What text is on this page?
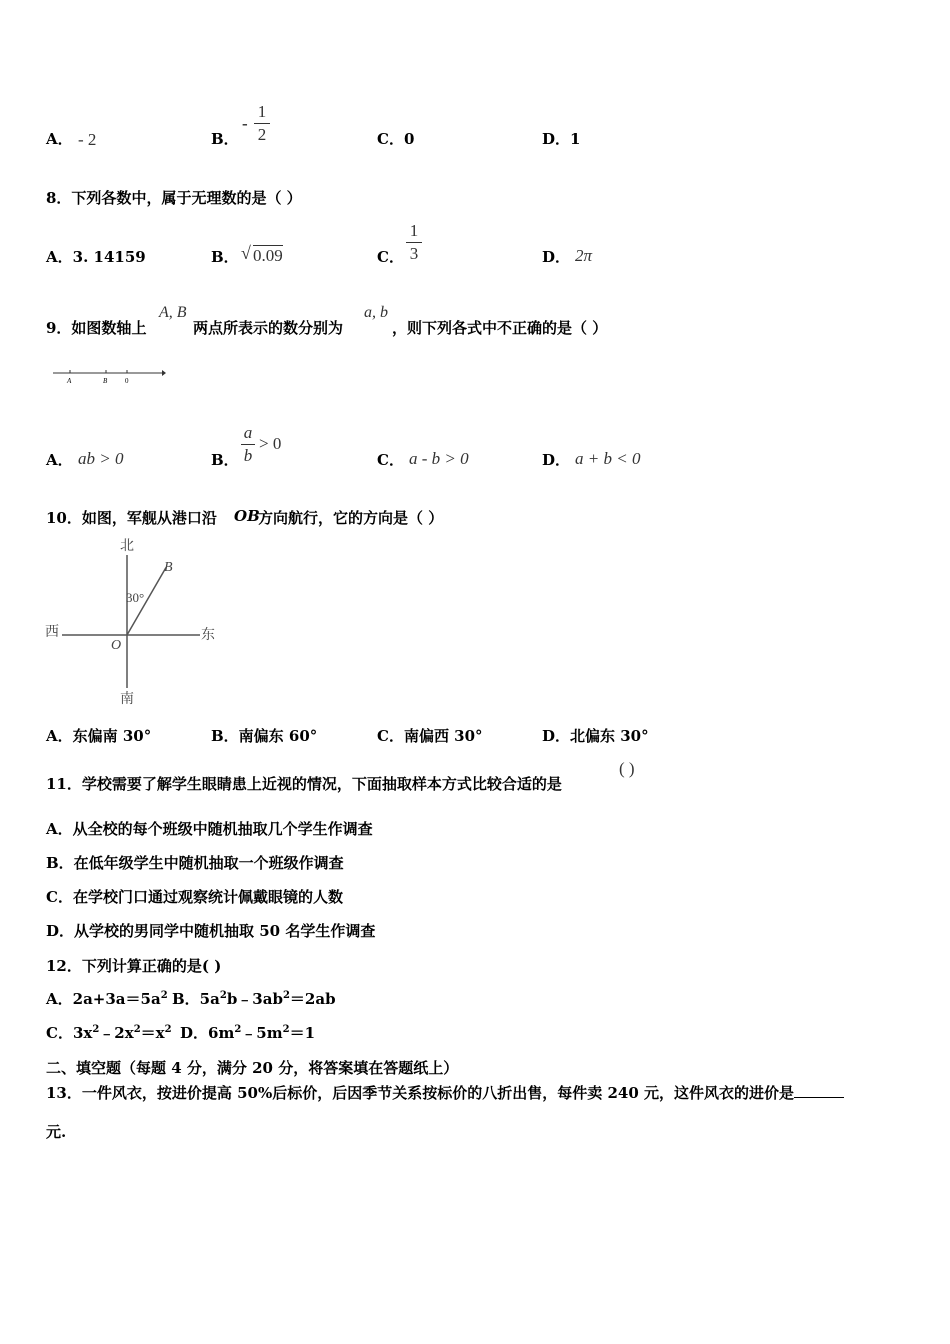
A． - 2	B．
-
1
2	C．0	D．1
8．下列各数中，属于无理数的是（ ）
A．3. 14159	B． √ 0.09	C．
1
3	D． 2π
9．如图数轴上
A, B
两点所表示的数分别为
a, b
，则下列各式中不正确的是（ ）
A	B	0
A． ab > 0	B．
a
b
> 0
C． a - b > 0	D． a + b < 0
10．如图，军舰从港口沿 OB
方向航行，它的方向是（ ）
北
南
西	东
O
B
30°
A．东偏南 30°	B．南偏东 60°	C．南偏西 30°	D．北偏东 30°
11．学校需要了解学生眼睛患上近视的情况，下面抽取样本方式比较合适的是
( )
A．从全校的每个班级中随机抽取几个学生作调查
B．在低年级学生中随机抽取一个班级作调查
C．在学校门口通过观察统计佩戴眼镜的人数
D．从学校的男同学中随机抽取 50 名学生作调查
12．下列计算正确的是( )
A．$2a+3a=5a^2$ B．$5a^2b﹣3ab^2=2ab$
C．$3x^2﹣2x^2=x^2$ D．$6m^2﹣5m^2=1$
二、填空题（每题 4 分，满分 20 分，将答案填在答题纸上）
13．一件风衣，按进价提高 50%后标价，后因季节关系按标价的八折出售，每件卖 240 元，这件风衣的进价是
元.
